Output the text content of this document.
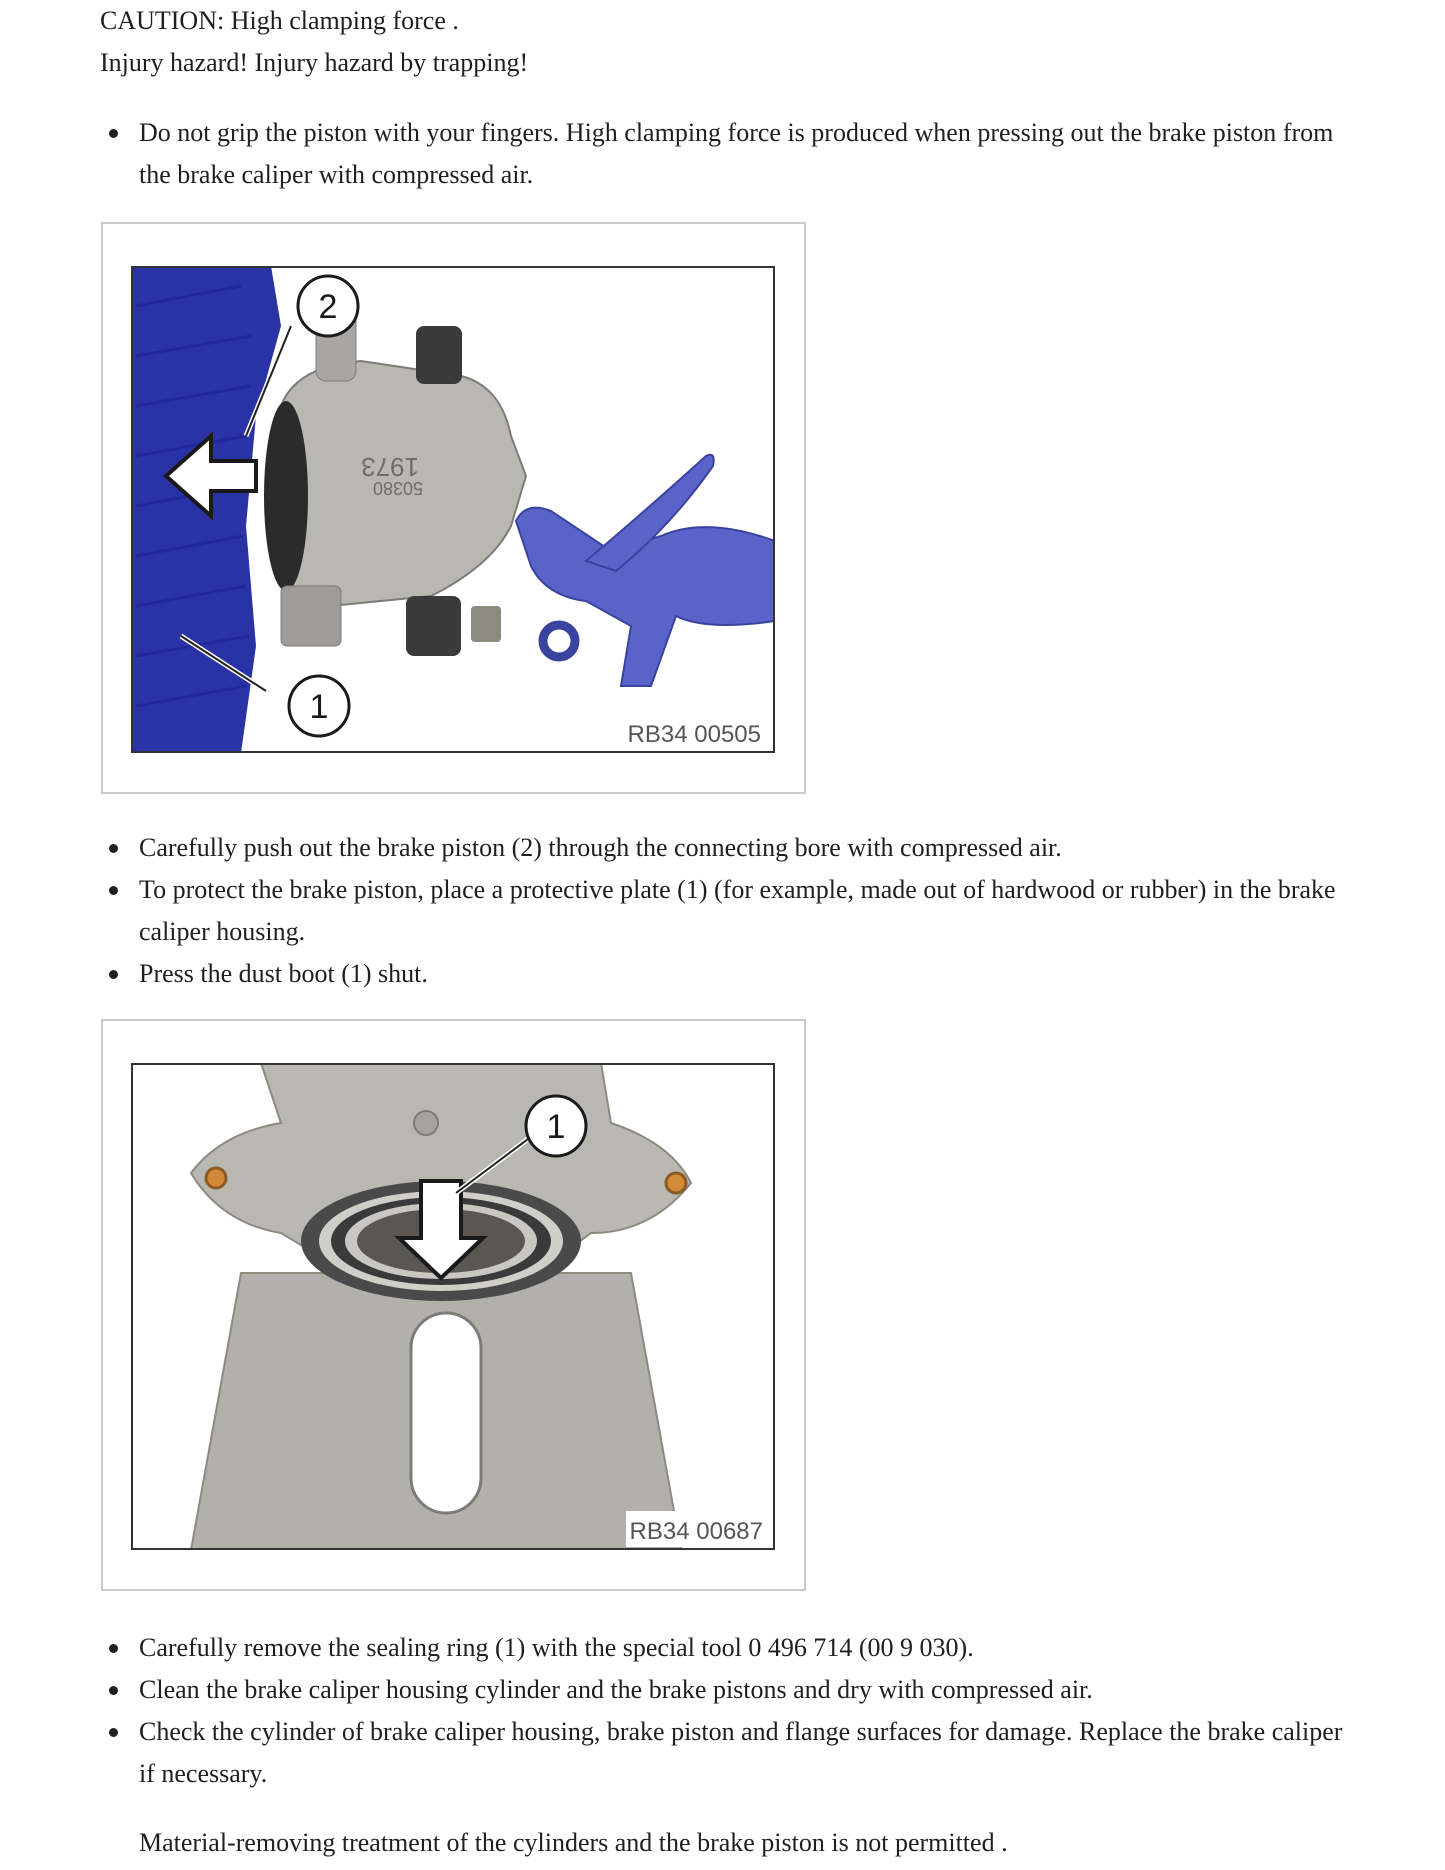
CAUTION: High clamping force .

Injury hazard! Injury hazard by trapping!

Do not grip the piston with your fingers. High clamping force is produced when pressing out the brake piston from the brake caliper with compressed air.
1973
50380
2
1
RB34 00505
Carefully push out the brake piston (2) through the connecting bore with compressed air.
To protect the brake piston, place a protective plate (1) (for example, made out of hardwood or rubber) in the brake caliper housing.
Press the dust boot (1) shut.
1
RB34 00687
Carefully remove the sealing ring (1) with the special tool 0 496 714 (00 9 030).
Clean the brake caliper housing cylinder and the brake pistons and dry with compressed air.
Check the cylinder of brake caliper housing, brake piston and flange surfaces for damage. Replace the brake caliper if necessary.

Material-removing treatment of the cylinders and the brake piston is not permitted .
